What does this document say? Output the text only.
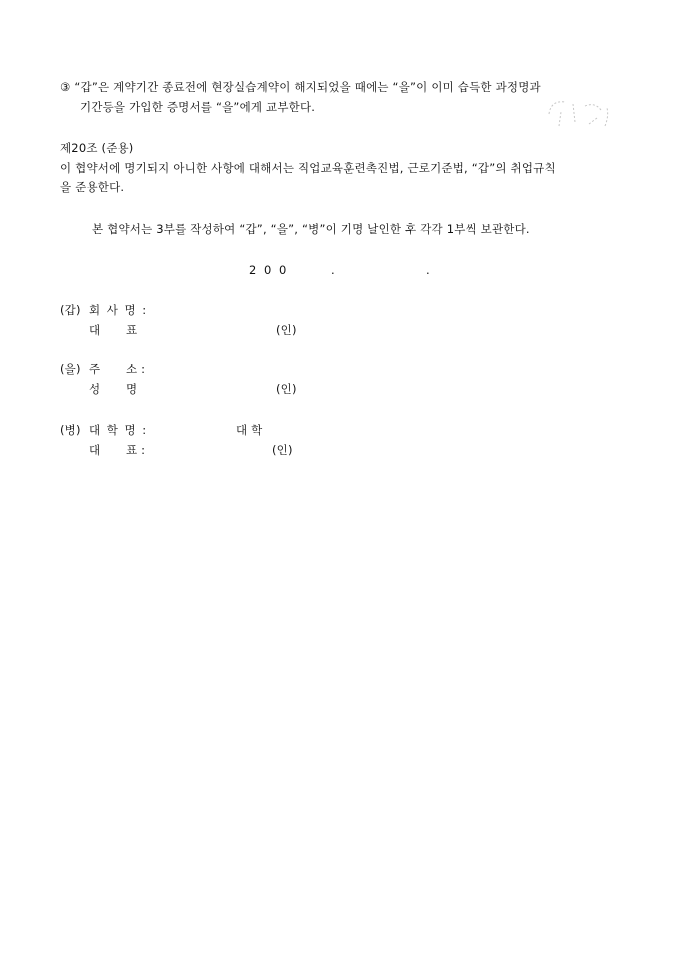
③ “갑”은 계약기간 종료전에 현장실습계약이 해지되었을 때에는 “을”이 이미 습득한 과정명과
기간등을 가입한 증명서를 “을”에게 교부한다.
제20조 (준용)
이 협약서에 명기되지 아니한 사항에 대해서는 직업교육훈련촉진법, 근로기준법, “갑”의 취업규칙
을 준용한다.
본 협약서는 3부를 작성하여 “갑”, “을”, “병”이 기명 날인한 후 각각 1부씩 보관한다.
2 0 0	.	.
(갑) 회 사 명 :
대 표	(인)
(을) 주 소 :
성 명	(인)
(병) 대 학 명 :	대 학
대 표 :	(인)
